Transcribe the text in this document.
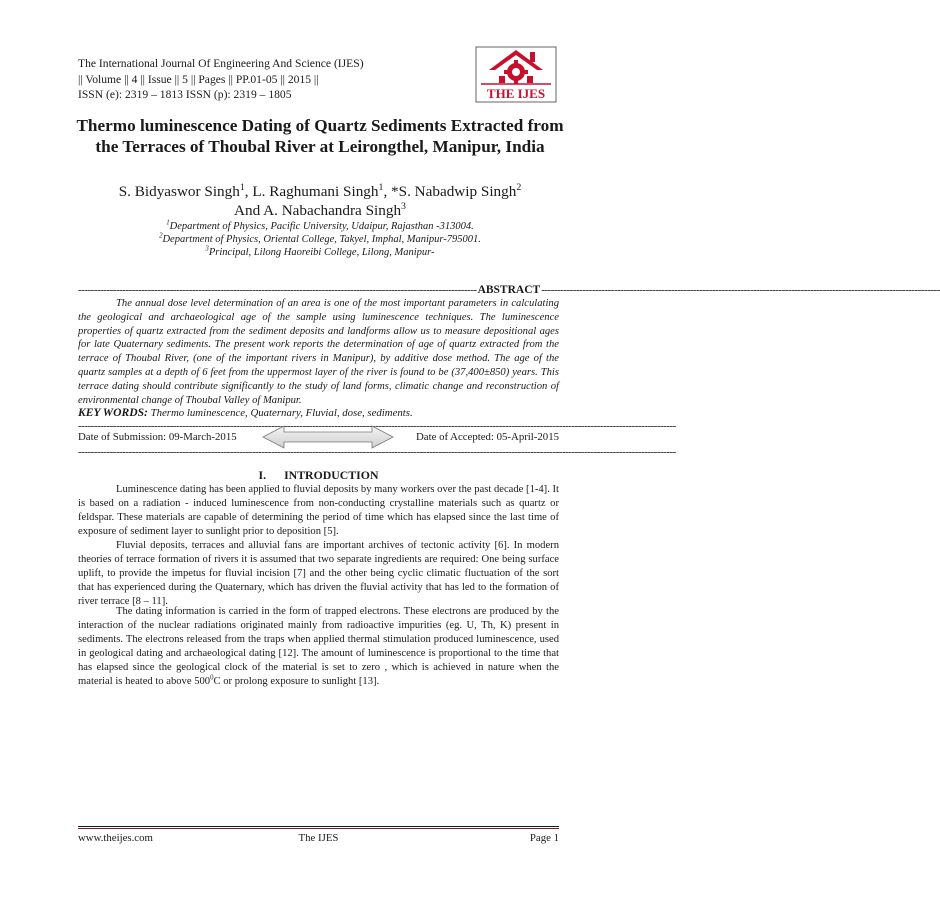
The International Journal Of Engineering And Science (IJES)
|| Volume || 4 || Issue || 5 || Pages || PP.01-05 || 2015 ||
ISSN (e): 2319 – 1813 ISSN (p): 2319 – 1805	THE IJES
Thermo luminescence Dating of Quartz Sediments Extracted from the Terraces of Thoubal River at Leirongthel, Manipur, India
S. Bidyaswor Singh$^1$, L. Raghumani Singh$^1$, *S. Nabadwip Singh$^2$
And A. Nabachandra Singh$^3$
$^1$Department of Physics, Pacific University, Udaipur, Rajasthan -313004.
$^2$Department of Physics, Oriental College, Takyel, Imphal, Manipur-795001.
$^3$Principal, Lilong Haoreibi College, Lilong, Manipur-
------------------------------------------------------------------------------------------------------------------------------ ABSTRACT ------------------------------------------------------------------------------------------------------------------------------
The annual dose level determination of an area is one of the most important parameters in calculating the geological and archaeological age of the sample using luminescence techniques. The luminescence properties of quartz extracted from the sediment deposits and landforms allow us to measure depositional ages for late Quaternary sediments. The present work reports the determination of age of quartz extracted from the terrace of Thoubal River, (one of the important rivers in Manipur), by additive dose method. The age of the quartz samples at a depth of 6 feet from the uppermost layer of the river is found to be (37,400±850) years. This terrace dating should contribute significantly to the study of land forms, climatic change and reconstruction of environmental change of Thoubal Valley of Manipur.
KEY WORDS: Thermo luminescence, Quaternary, Fluvial, dose, sediments.
---------------------------------------------------------------------------------------------------------------------------------------------------------------------------------------------
Date of Submission: 09-March-2015	Date of Accepted: 05-April-2015
---------------------------------------------------------------------------------------------------------------------------------------------------------------------------------------------
I. INTRODUCTION
Luminescence dating has been applied to fluvial deposits by many workers over the past decade [1-4]. It is based on a radiation - induced luminescence from non-conducting crystalline materials such as quartz or feldspar. These materials are capable of determining the period of time which has elapsed since the last time of exposure of sediment layer to sunlight prior to deposition [5].
Fluvial deposits, terraces and alluvial fans are important archives of tectonic activity [6]. In modern theories of terrace formation of rivers it is assumed that two separate ingredients are required: One being surface uplift, to provide the impetus for fluvial incision [7] and the other being cyclic climatic fluctuation of the sort that has experienced during the Quaternary, which has driven the fluvial activity that has led to the formation of river terrace [8 – 11].
The dating information is carried in the form of trapped electrons. These electrons are produced by the interaction of the nuclear radiations originated mainly from radioactive impurities (eg. U, Th, K) present in sediments. The electrons released from the traps when applied thermal stimulation produced luminescence, used in geological dating and archaeological dating [12]. The amount of luminescence is proportional to the time that has elapsed since the geological clock of the material is set to zero , which is achieved in nature when the material is heated to above $500^0C$ or prolong exposure to sunlight [13].
www.theijes.com	The IJES	Page 1
